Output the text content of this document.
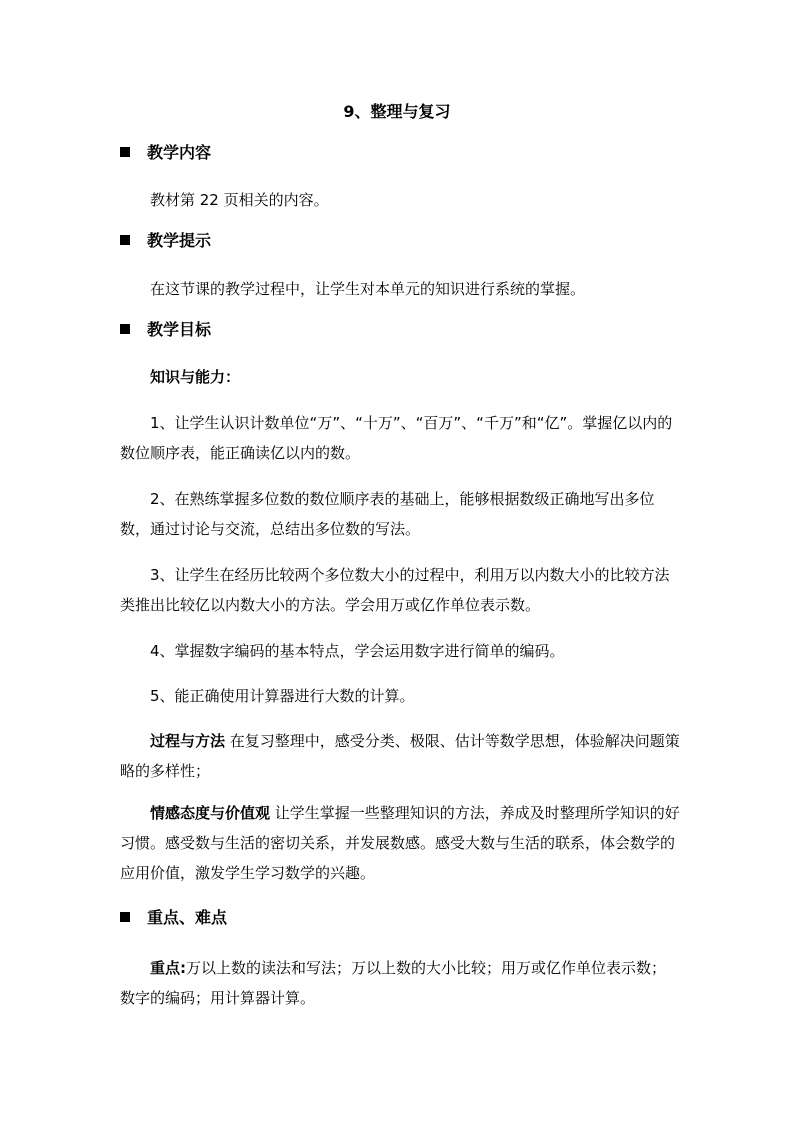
9、整理与复习
教学内容
教材第 22 页相关的内容。
教学提示
在这节课的教学过程中，让学生对本单元的知识进行系统的掌握。
教学目标
知识与能力：
1、让学生认识计数单位“万”、“十万”、“百万”、“千万”和“亿”。掌握亿以内的数位顺序表，能正确读亿以内的数。
2、在熟练掌握多位数的数位顺序表的基础上，能够根据数级正确地写出多位数，通过讨论与交流，总结出多位数的写法。
3、让学生在经历比较两个多位数大小的过程中，利用万以内数大小的比较方法类推出比较亿以内数大小的方法。学会用万或亿作单位表示数。
4、掌握数字编码的基本特点，学会运用数字进行简单的编码。
5、能正确使用计算器进行大数的计算。
过程与方法 在复习整理中，感受分类、极限、估计等数学思想，体验解决问题策略的多样性；
情感态度与价值观 让学生掌握一些整理知识的方法，养成及时整理所学知识的好习惯。感受数与生活的密切关系，并发展数感。感受大数与生活的联系，体会数学的应用价值，激发学生学习数学的兴趣。
重点、难点
重点:万以上数的读法和写法；万以上数的大小比较；用万或亿作单位表示数；数字的编码；用计算器计算。
